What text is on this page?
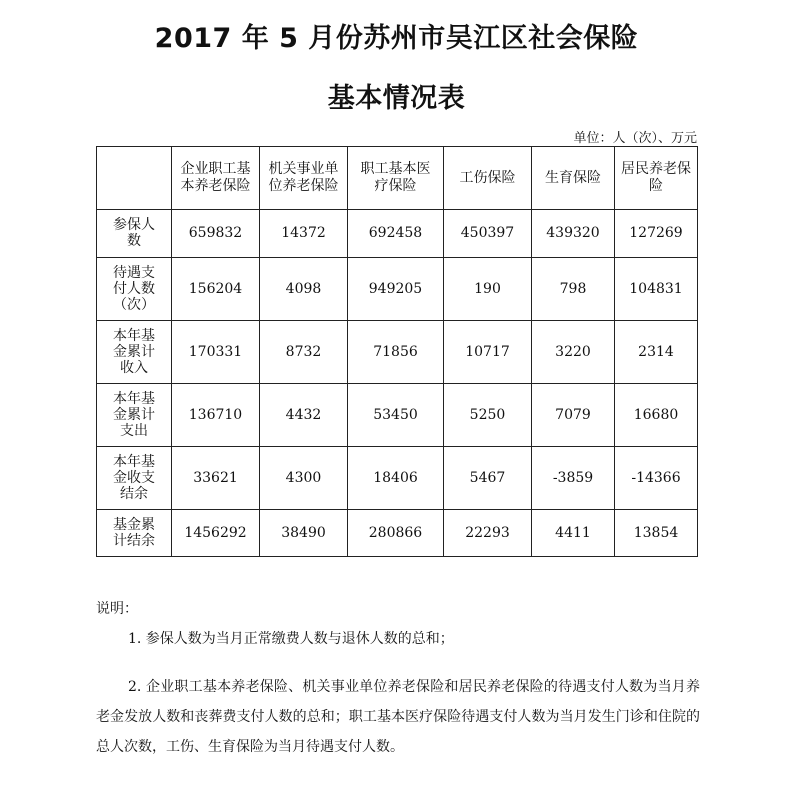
2017 年 5 月份苏州市吴江区社会保险
基本情况表
单位：人（次）、万元
	企业职工基本养老保险	机关事业单位养老保险	职工基本医疗保险	工伤保险	生育保险	居民养老保险
参保人数	659832	14372	692458	450397	439320	127269
待遇支付人数（次）	156204	4098	949205	190	798	104831
本年基金累计收入	170331	8732	71856	10717	3220	2314
本年基金累计支出	136710	4432	53450	5250	7079	16680
本年基金收支结余	33621	4300	18406	5467	-3859	-14366
基金累计结余	1456292	38490	280866	22293	4411	13854
说明：
1. 参保人数为当月正常缴费人数与退休人数的总和；
2. 企业职工基本养老保险、机关事业单位养老保险和居民养老保险的待遇支付人数为当月养老金发放人数和丧葬费支付人数的总和；职工基本医疗保险待遇支付人数为当月发生门诊和住院的总人次数，工伤、生育保险为当月待遇支付人数。
